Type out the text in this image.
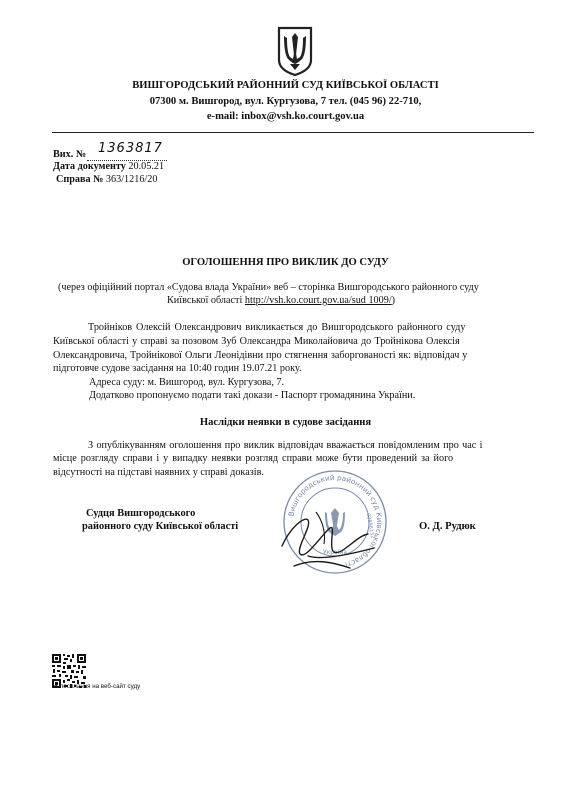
ВИШГОРОДСЬКИЙ РАЙОННИЙ СУД КИЇВСЬКОЇ ОБЛАСТІ
07300 м. Вишгород, вул. Кургузова, 7 тел. (045 96) 22-710,
e-mail: inbox@vsh.ko.court.gov.ua
Вих. № 1363817
Дата документу 20.05.21
Справа № 363/1216/20
ОГОЛОШЕННЯ ПРО ВИКЛИК ДО СУДУ
(через офіційний портал «Судова влада України» веб – сторінка Вишгородського районного суду
Київської області http://vsh.ko.court.gov.ua/sud 1009/)
Тройніков Олексій Олександрович викликається до Вишгородського районного суду
Київської області у справі за позовом Зуб Олександра Миколайовича до Тройнікова Олексія
Олександровича, Тройнікової Ольги Леонідівни про стягнення заборгованості як: відповідач у
підготовче судове засідання на 10:40 годин 19.07.21 року.
Адреса суду: м. Вишгород, вул. Кургузова, 7.
Додатково пропонуємо подати такі докази - Паспорт громадянина України.
Наслідки неявки в судове засідання
З опублікуванням оголошення про виклик відповідач вважається повідомленим про час і
місце розгляду справи і у випадку неявки розгляд справи може бути проведений за його
відсутності на підставі наявних у справі доказів.
Вишгородський районний суд Київської області
Україна
02896132
Судця Вишгородського
районного суду Київської області	О. Д. Рудюк
➡ посилання на веб-сайт суду
